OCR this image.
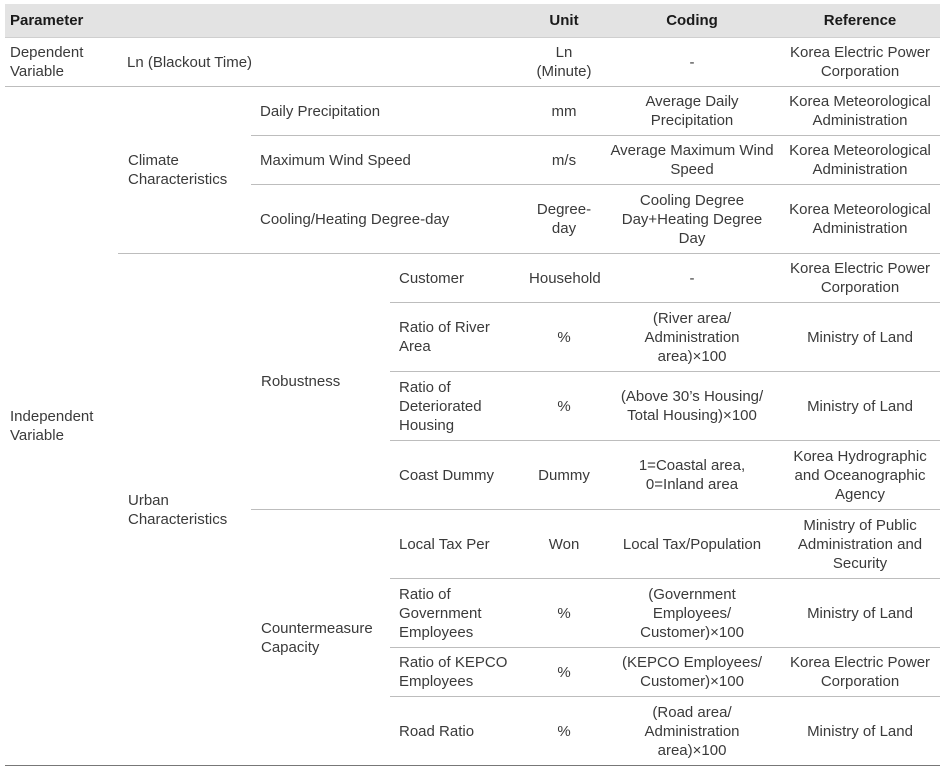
Parameter				Unit	Coding	Reference
Dependent Variable	Ln (Blackout Time)			Ln (Minute)	-	Korea Electric Power Corporation
Independent Variable	Climate Characteristics	Daily Precipitation		mm	Average Daily Precipitation	Korea Meteorological Administration
		Maximum Wind Speed		m/s	Average Maximum Wind Speed	Korea Meteorological Administration
		Cooling/Heating Degree-day		Degree-day	Cooling Degree Day+Heating Degree Day	Korea Meteorological Administration
	Urban Characteristics	Robustness	Customer	Household	-	Korea Electric Power Corporation
			Ratio of River Area	%	(River area/ Administration area)×100	Ministry of Land
			Ratio of Deteriorated Housing	%	(Above 30’s Housing/ Total Housing)×100	Ministry of Land
			Coast Dummy	Dummy	1=Coastal area, 0=Inland area	Korea Hydrographic and Oceanographic Agency
		Countermeasure Capacity	Local Tax Per	Won	Local Tax/Population	Ministry of Public Administration and Security
			Ratio of Government Employees	%	(Government Employees/ Customer)×100	Ministry of Land
			Ratio of KEPCO Employees	%	(KEPCO Employees/ Customer)×100	Korea Electric Power Corporation
			Road Ratio	%	(Road area/ Administration area)×100	Ministry of Land
